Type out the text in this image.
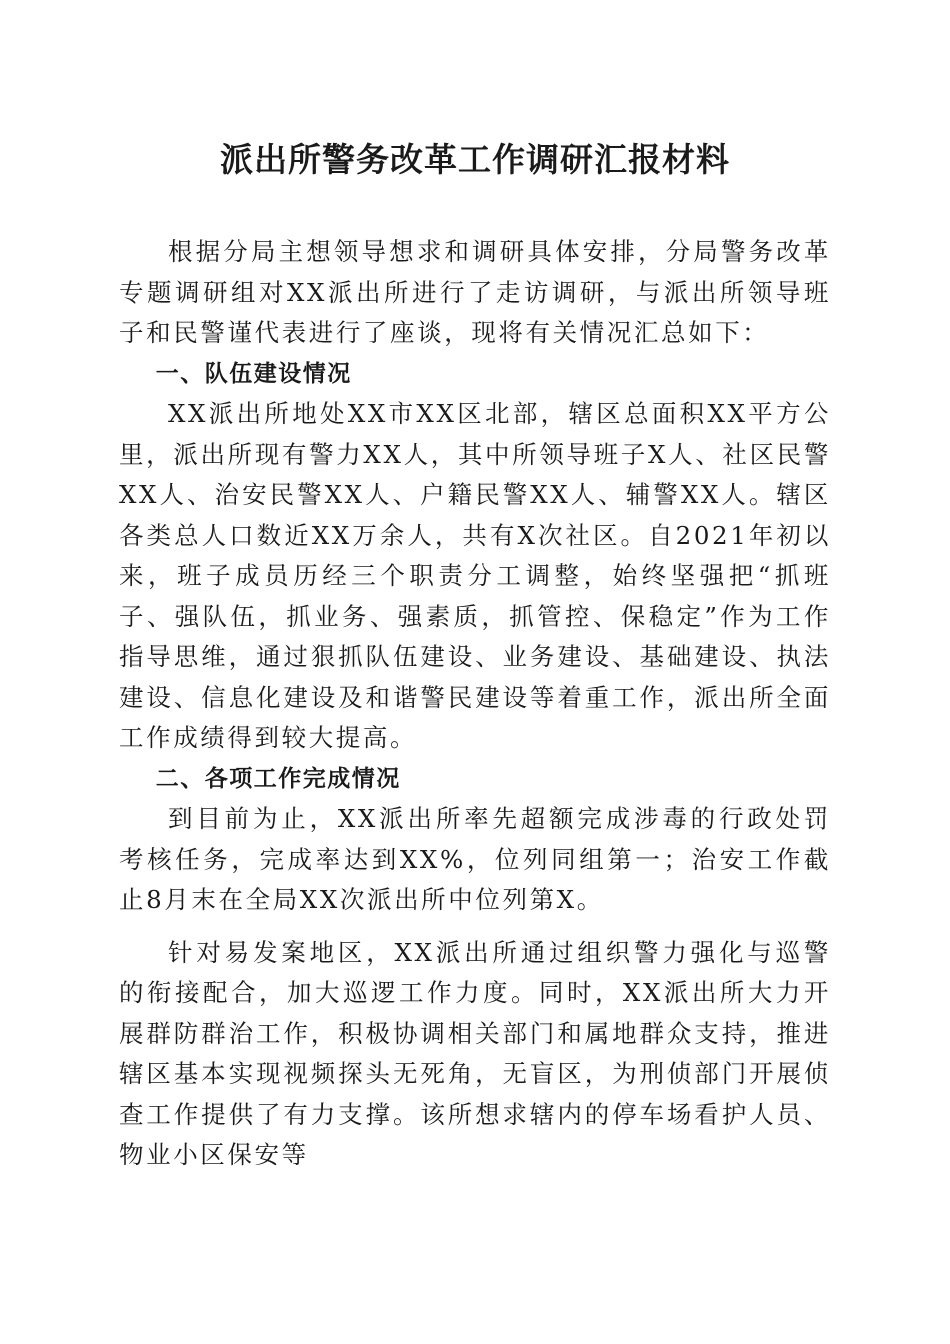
派出所警务改革工作调研汇报材料

根据分局主想领导想求和调研具体安排，分局警务改革专题调研组对XX派出所进行了走访调研，与派出所领导班子和民警谨代表进行了座谈，现将有关情况汇总如下：

一、队伍建设情况

XX派出所地处XX市XX区北部，辖区总面积XX平方公里，派出所现有警力XX人，其中所领导班子X人、社区民警XX人、治安民警XX人、户籍民警XX人、辅警XX人。辖区各类总人口数近XX万余人，共有X次社区。自2021年初以来，班子成员历经三个职责分工调整，始终坚强把“抓班子、强队伍，抓业务、强素质，抓管控、保稳定”作为工作指导思维，通过狠抓队伍建设、业务建设、基础建设、执法建设、信息化建设及和谐警民建设等着重工作，派出所全面工作成绩得到较大提高。

二、各项工作完成情况

到目前为止，XX派出所率先超额完成涉毒的行政处罚考核任务，完成率达到XX%，位列同组第一；治安工作截止8月末在全局XX次派出所中位列第X。

针对易发案地区，XX派出所通过组织警力强化与巡警的衔接配合，加大巡逻工作力度。同时，XX派出所大力开展群防群治工作，积极协调相关部门和属地群众支持，推进辖区基本实现视频探头无死角，无盲区，为刑侦部门开展侦查工作提供了有力支撑。该所想求辖内的停车场看护人员、物业小区保安等
